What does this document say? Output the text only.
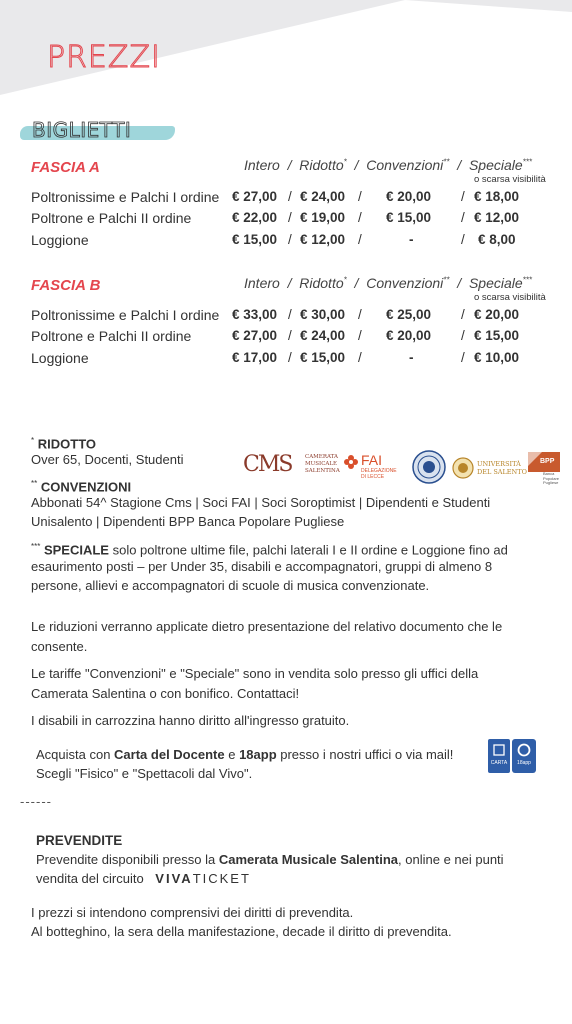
PREZZI
BIGLIETTI
FASCIA A	Intero  /  Ridotto*  /  Convenzioni**  /  Speciale***
o scarsa visibilità
Poltronissime e Palchi I ordine € 27,00 / € 24,00 / € 20,00 / € 18,00
Poltrone e Palchi II ordine	€ 22,00 / € 19,00 / € 15,00 / € 12,00
Loggione	€ 15,00 / € 12,00 /	-	/ € 8,00
FASCIA B	Intero  /  Ridotto*  /  Convenzioni**  /  Speciale***
o scarsa visibilità
Poltronissime e Palchi I ordine € 33,00 / € 30,00 / € 25,00 / € 20,00
Poltrone e Palchi II ordine	€ 27,00 / € 24,00 / € 20,00 / € 15,00
Loggione	€ 17,00 / € 15,00 /	-	/ € 10,00
* RIDOTTO
Over 65, Docenti, Studenti	CMS CAMERATA
MUSICALE
SALENTINA
FAI
DELEGAZIONE
DI LECCE
UNIVERSITÀ
DEL SALENTO
BPP
Banca
Popolare
Pugliese
** CONVENZIONI
Abbonati 54^ Stagione Cms | Soci FAI | Soci Soroptimist | Dipendenti e Studenti
Unisalento | Dipendenti BPP Banca Popolare Pugliese
*** SPECIALE solo poltrone ultime file, palchi laterali I e II ordine e Loggione fino ad
esaurimento posti – per Under 35, disabili e accompagnatori, gruppi di almeno 8
persone, allievi e accompagnatori di scuole di musica convenzionate.
Le riduzioni verranno applicate dietro presentazione del relativo documento che le
consente.
Le tariffe "Convenzioni" e "Speciale" sono in vendita solo presso gli uffici della
Camerata Salentina o con bonifico. Contattaci!
I disabili in carrozzina hanno diritto all'ingresso gratuito.
Acquista con Carta del Docente e 18app presso i nostri uffici o via mail!
Scegli "Fisico" e "Spettacoli dal Vivo".
CARTA	18app
------
PREVENDITE
Prevendite disponibili presso la Camerata Musicale Salentina, online e nei punti
vendita del circuito VIVATICKET
I prezzi si intendono comprensivi dei diritti di prevendita.
Al botteghino, la sera della manifestazione, decade il diritto di prevendita.
